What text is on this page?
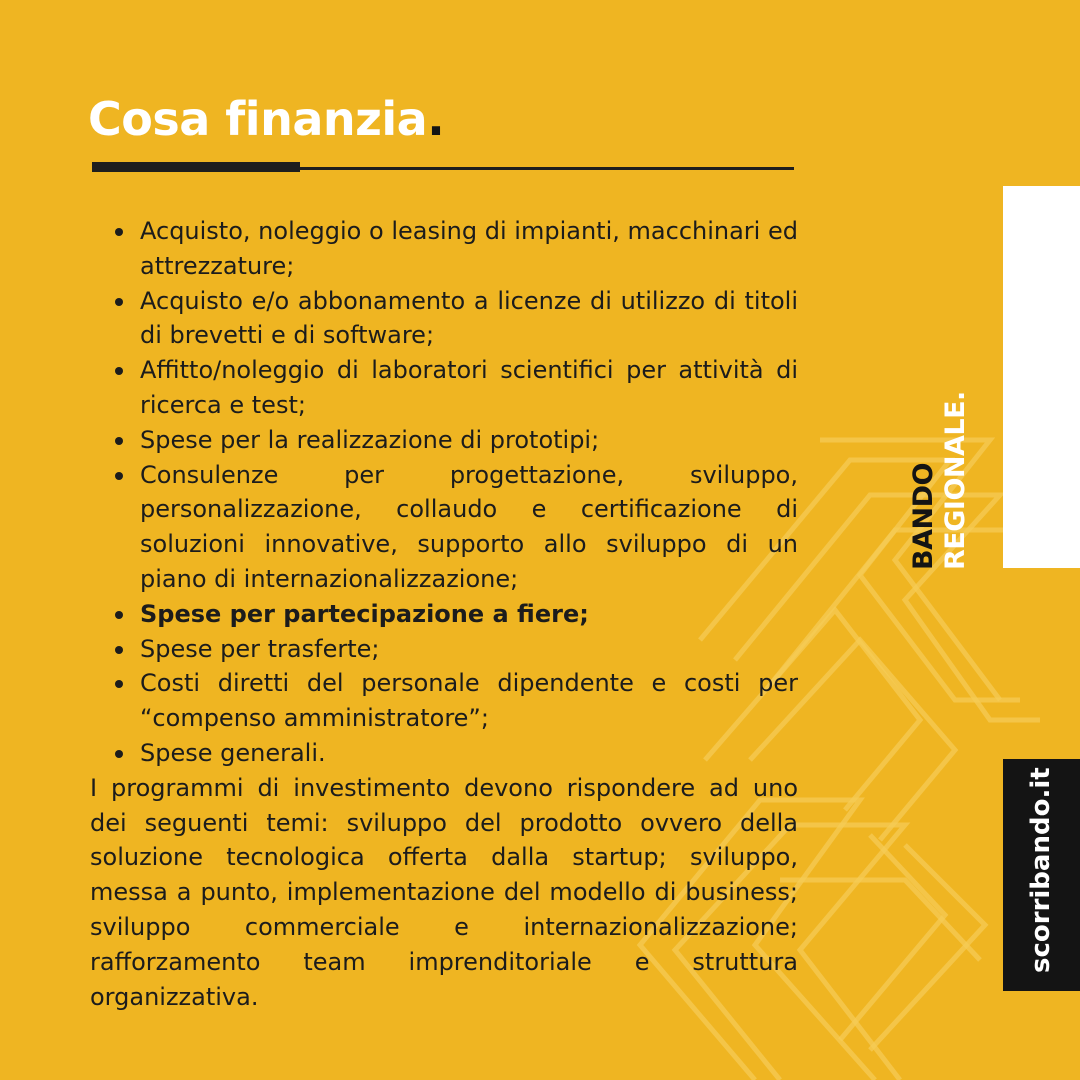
Cosa finanzia.
Acquisto, noleggio o leasing di impianti, macchinari ed attrezzature;
Acquisto e/o abbonamento a licenze di utilizzo di titoli di brevetti e di software;
Affitto/noleggio di laboratori scientifici per attività di ricerca e test;
Spese per la realizzazione di prototipi;
Consulenze per progettazione, sviluppo, personalizzazione, collaudo e certificazione di soluzioni innovative, supporto allo sviluppo di un piano di internazionalizzazione;
Spese per partecipazione a fiere;
Spese per trasferte;
Costi diretti del personale dipendente e costi per “compenso amministratore”;
Spese generali.

I programmi di investimento devono rispondere ad uno dei seguenti temi: sviluppo del prodotto ovvero della soluzione tecnologica offerta dalla startup; sviluppo, messa a punto, implementazione del modello di business; sviluppo commerciale e internazionalizzazione; rafforzamento team imprenditoriale e struttura organizzativa.

BANDO REGIONALE.
scorribando.it
